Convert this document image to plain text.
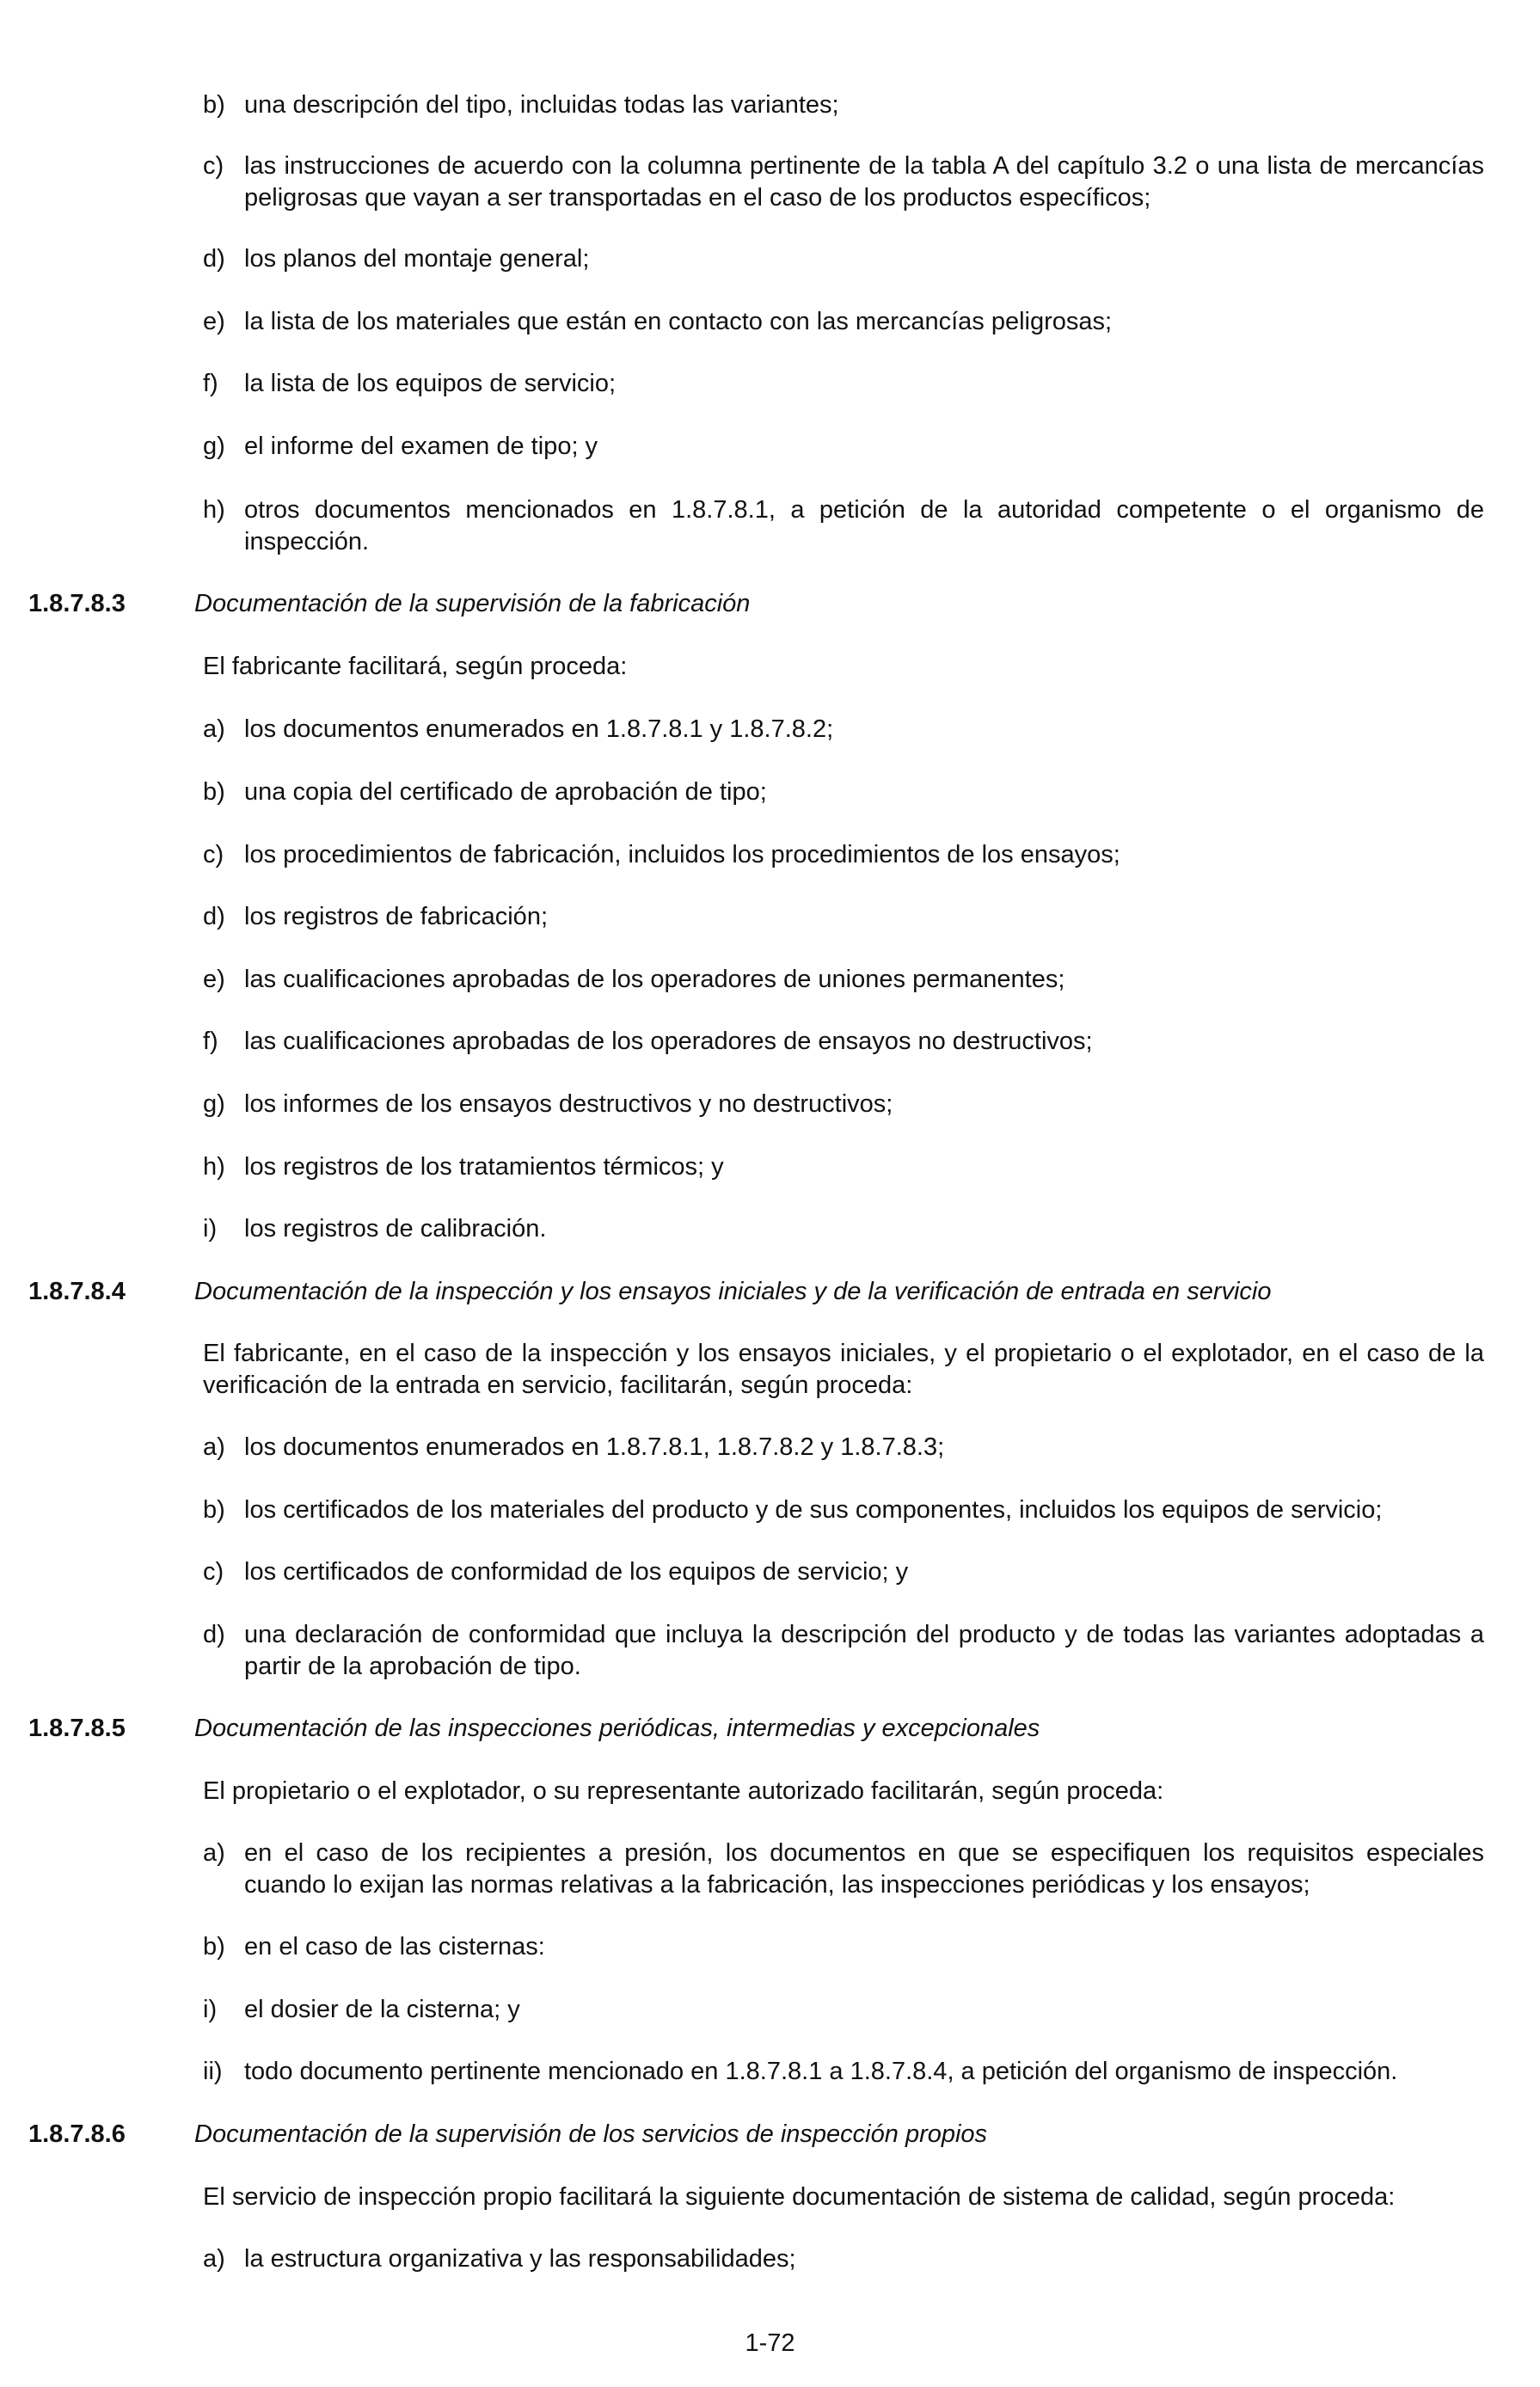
b) una descripción del tipo, incluidas todas las variantes;
c) las instrucciones de acuerdo con la columna pertinente de la tabla A del capítulo 3.2 o una lista de mercancías peligrosas que vayan a ser transportadas en el caso de los productos específicos;
d) los planos del montaje general;
e) la lista de los materiales que están en contacto con las mercancías peligrosas;
f)	la lista de los equipos de servicio;
g) el informe del examen de tipo; y
h) otros documentos mencionados en 1.8.7.8.1, a petición de la autoridad competente o el organismo de inspección.
1.8.7.8.3	Documentación de la supervisión de la fabricación
El fabricante facilitará, según proceda:
a) los documentos enumerados en 1.8.7.8.1 y 1.8.7.8.2;
b) una copia del certificado de aprobación de tipo;
c) los procedimientos de fabricación, incluidos los procedimientos de los ensayos;
d) los registros de fabricación;
e) las cualificaciones aprobadas de los operadores de uniones permanentes;
f)	las cualificaciones aprobadas de los operadores de ensayos no destructivos;
g) los informes de los ensayos destructivos y no destructivos;
h) los registros de los tratamientos térmicos; y
i)	los registros de calibración.
1.8.7.8.4	Documentación de la inspección y los ensayos iniciales y de la verificación de entrada en servicio
El fabricante, en el caso de la inspección y los ensayos iniciales, y el propietario o el explotador, en el caso de la verificación de la entrada en servicio, facilitarán, según proceda:
a) los documentos enumerados en 1.8.7.8.1, 1.8.7.8.2 y 1.8.7.8.3;
b) los certificados de los materiales del producto y de sus componentes, incluidos los equipos de servicio;
c) los certificados de conformidad de los equipos de servicio; y
d) una declaración de conformidad que incluya la descripción del producto y de todas las variantes adoptadas a partir de la aprobación de tipo.
1.8.7.8.5	Documentación de las inspecciones periódicas, intermedias y excepcionales
El propietario o el explotador, o su representante autorizado facilitarán, según proceda:
a) en el caso de los recipientes a presión, los documentos en que se especifiquen los requisitos especiales cuando lo exijan las normas relativas a la fabricación, las inspecciones periódicas y los ensayos;
b) en el caso de las cisternas:
i)	el dosier de la cisterna; y
ii) todo documento pertinente mencionado en 1.8.7.8.1 a 1.8.7.8.4, a petición del organismo de inspección.
1.8.7.8.6	Documentación de la supervisión de los servicios de inspección propios
El servicio de inspección propio facilitará la siguiente documentación de sistema de calidad, según proceda:
a) la estructura organizativa y las responsabilidades;
1-72
